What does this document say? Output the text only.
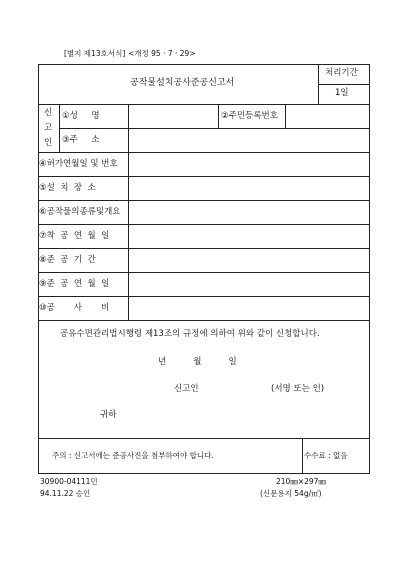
[별지 제13호서식] <개정 95 · 7 · 29>
공작물설치공사준공신고서
처리기간
1일
신
고
인
①성     명	②주민등록번호
③주     소
④허가연월일 및 번호
⑤설  치  장  소
⑥공작물의종류및개요
⑦착  공  연  월  일
⑧준  공  기  간
⑨준  공  연  월  일
⑩공       사       비
공유수면관리법시행령 제13조의 규정에 의하여 위와 같이 신청합니다.
년          월          일
신고인	(서명 또는 인)
귀하
주의 : 신고서에는 준공사진을 첨부하여야 합니다.	수수료 : 없음
30900-04111민
94.11.22 승인
210㎜×297㎜
(신문용지 54g/㎡)
